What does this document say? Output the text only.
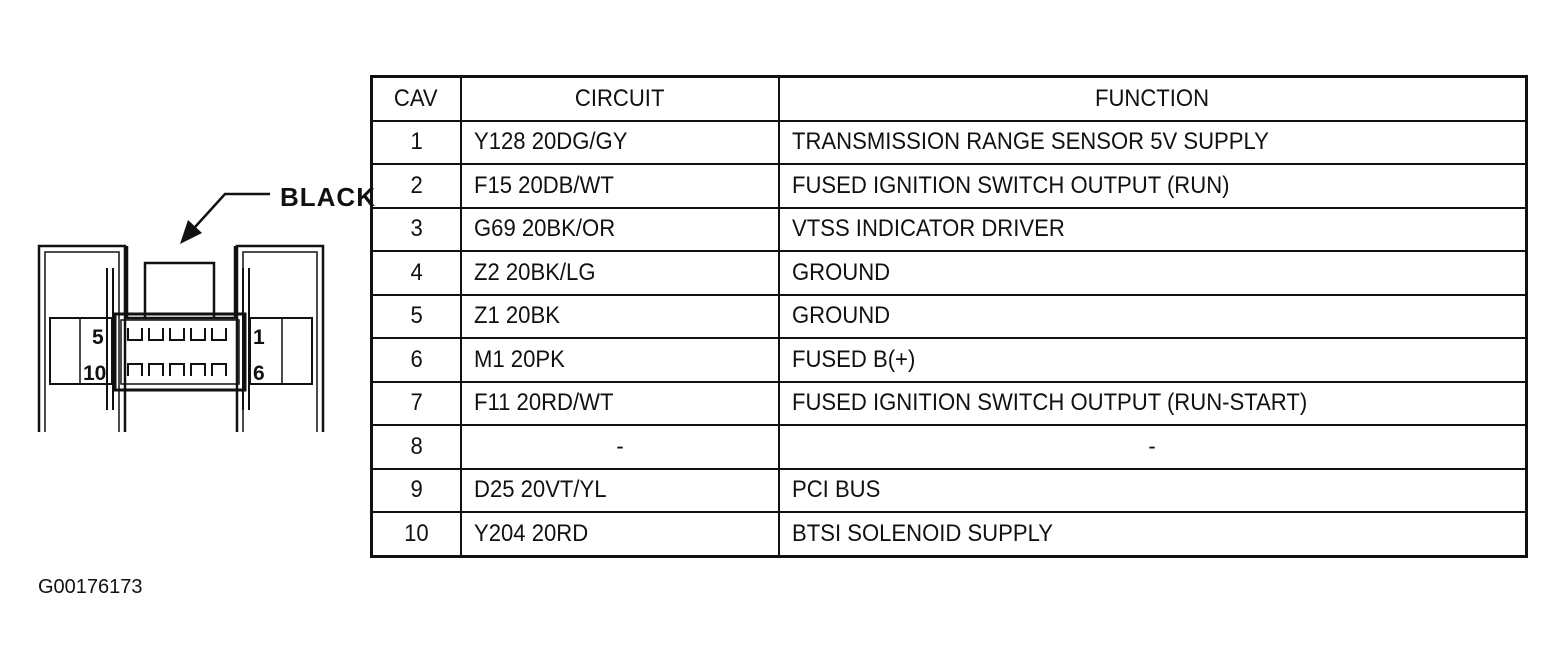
BLACK
5
10
1
6
CAV	CIRCUIT	FUNCTION
1	Y128 20DG/GY	TRANSMISSION RANGE SENSOR 5V SUPPLY
2	F15 20DB/WT	FUSED IGNITION SWITCH OUTPUT (RUN)
3	G69 20BK/OR	VTSS INDICATOR DRIVER
4	Z2 20BK/LG	GROUND
5	Z1 20BK	GROUND
6	M1 20PK	FUSED B(+)
7	F11 20RD/WT	FUSED IGNITION SWITCH OUTPUT (RUN-START)
8	-	-
9	D25 20VT/YL	PCI BUS
10	Y204 20RD	BTSI SOLENOID SUPPLY
G00176173
